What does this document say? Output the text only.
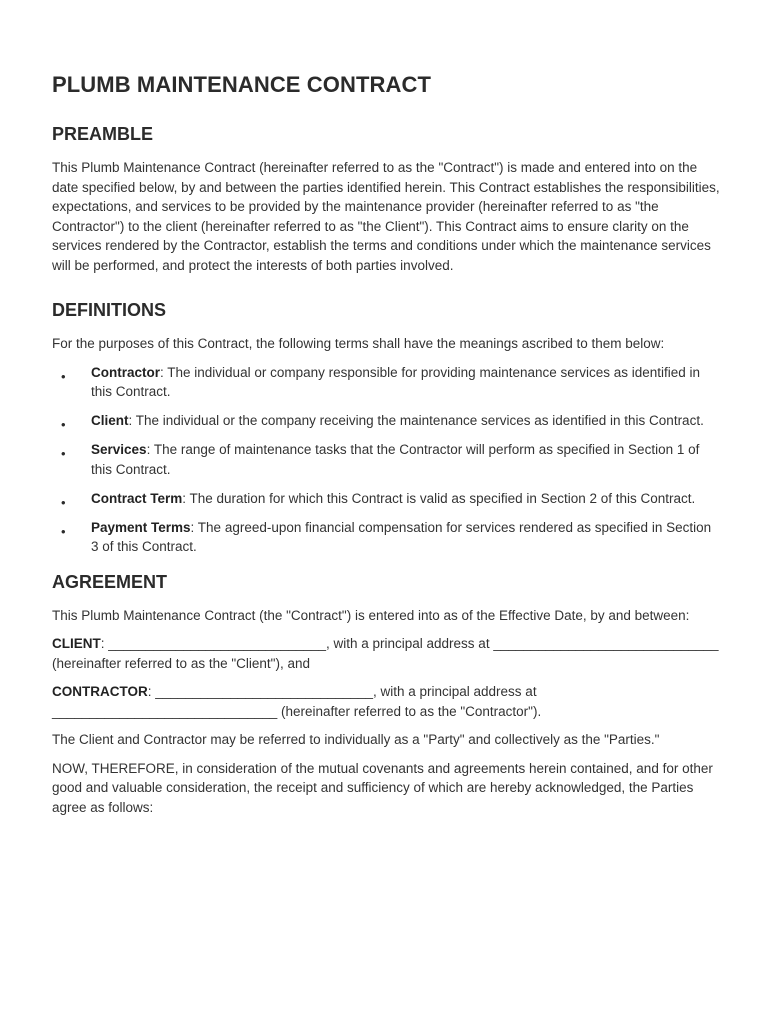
PLUMB MAINTENANCE CONTRACT
PREAMBLE

This Plumb Maintenance Contract (hereinafter referred to as the "Contract") is made and entered into on the date specified below, by and between the parties identified herein. This Contract establishes the responsibilities, expectations, and services to be provided by the maintenance provider (hereinafter referred to as "the Contractor") to the client (hereinafter referred to as "the Client"). This Contract aims to ensure clarity on the services rendered by the Contractor, establish the terms and conditions under which the maintenance services will be performed, and protect the interests of both parties involved.

DEFINITIONS

For the purposes of this Contract, the following terms shall have the meanings ascribed to them below:

• Contractor: The individual or company responsible for providing maintenance services as identified in this Contract.

• Client: The individual or the company receiving the maintenance services as identified in this Contract.

• Services: The range of maintenance tasks that the Contractor will perform as specified in Section 1 of this Contract.

• Contract Term: The duration for which this Contract is valid as specified in Section 2 of this Contract.

• Payment Terms: The agreed-upon financial compensation for services rendered as specified in Section 3 of this Contract.

AGREEMENT

This Plumb Maintenance Contract (the "Contract") is entered into as of the Effective Date, by and between:

CLIENT: _____________________________, with a principal address at ______________________________ (hereinafter referred to as the "Client"), and

CONTRACTOR: _____________________________, with a principal address at ______________________________ (hereinafter referred to as the "Contractor").

The Client and Contractor may be referred to individually as a "Party" and collectively as the "Parties."

NOW, THEREFORE, in consideration of the mutual covenants and agreements herein contained, and for other good and valuable consideration, the receipt and sufficiency of which are hereby acknowledged, the Parties agree as follows:
